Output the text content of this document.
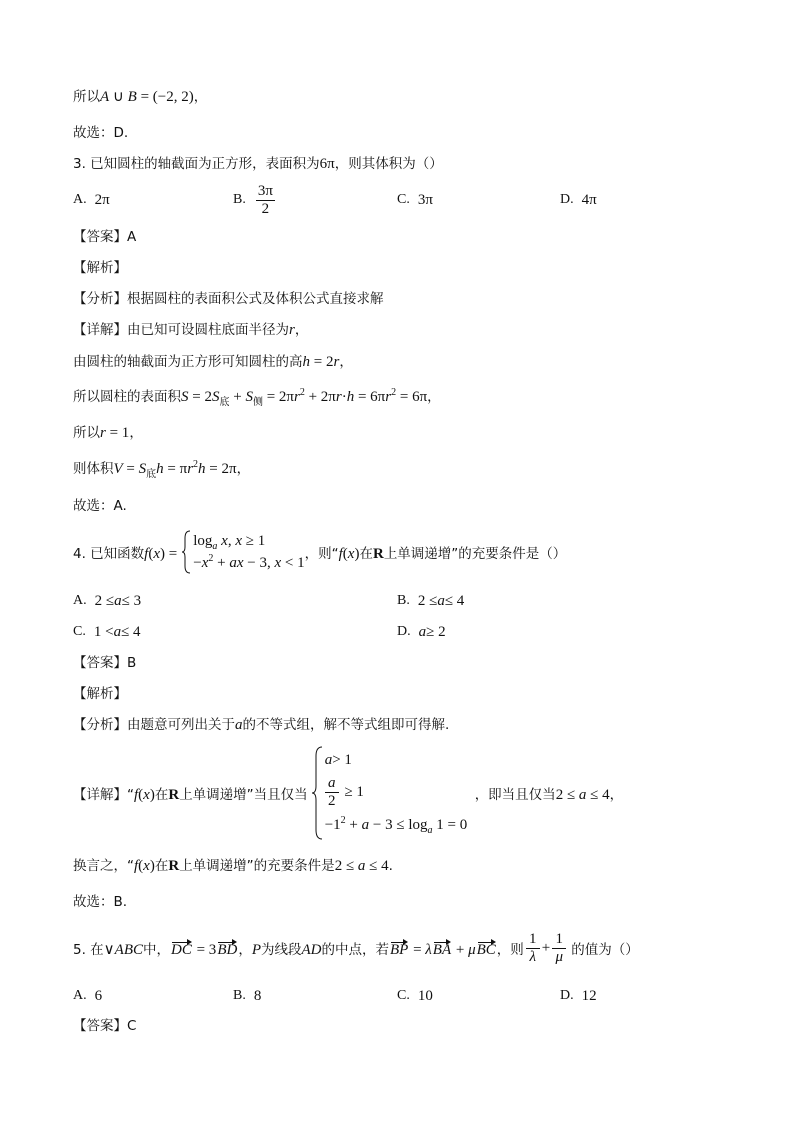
所以A ∪ B = (−2, 2)，
故选：D.
3. 已知圆柱的轴截面为正方形，表面积为6π，则其体积为（）
A. 2π	B. $\frac{3\pi}{2}$	C. 3π	D. 4π
【答案】A
【解析】
【分析】根据圆柱的表面积公式及体积公式直接求解
【详解】由已知可设圆柱底面半径为r，
由圆柱的轴截面为正方形可知圆柱的高h = 2r，
所以圆柱的表面积$S = 2S_底 + S_侧 = 2\pi r^2 + 2\pi r\cdot h = 6\pi r^2 = 6\pi$，
所以r = 1，
则体积$V = S_底h = \pi r^2h = 2\pi$，
故选：A.
4. 已知函数f(x) =
$\log_a x$, x ≥ 1
$-x^2$ + ax − 3, x < 1
，则“f(x)在R上单调递增”的充要条件是（）
A. 2 ≤ a ≤ 3	B. 2 ≤ a ≤ 4
C. 1 < a ≤ 4	D. a ≥ 2
【答案】B
【解析】
【分析】由题意可列出关于a的不等式组，解不等式组即可得解.
【详解】“f(x)在R上单调递增”当且仅当
a > 1
$\frac{a}{2} \ge 1$
$-1^2 + a - 3 \le \log_a 1 = 0$
，即当且仅当2 ≤ a ≤ 4，
换言之，“f(x)在R上单调递增”的充要条件是2 ≤ a ≤ 4.
故选：B.
5. 在∨ABC中，DC = 3BD，P为线段AD的中点，若BP = λBA + μBC，则 $\frac{1}{\lambda} + \frac{1}{\mu}$ 的值为（）
A. 6	B. 8	C. 10	D. 12
【答案】C
